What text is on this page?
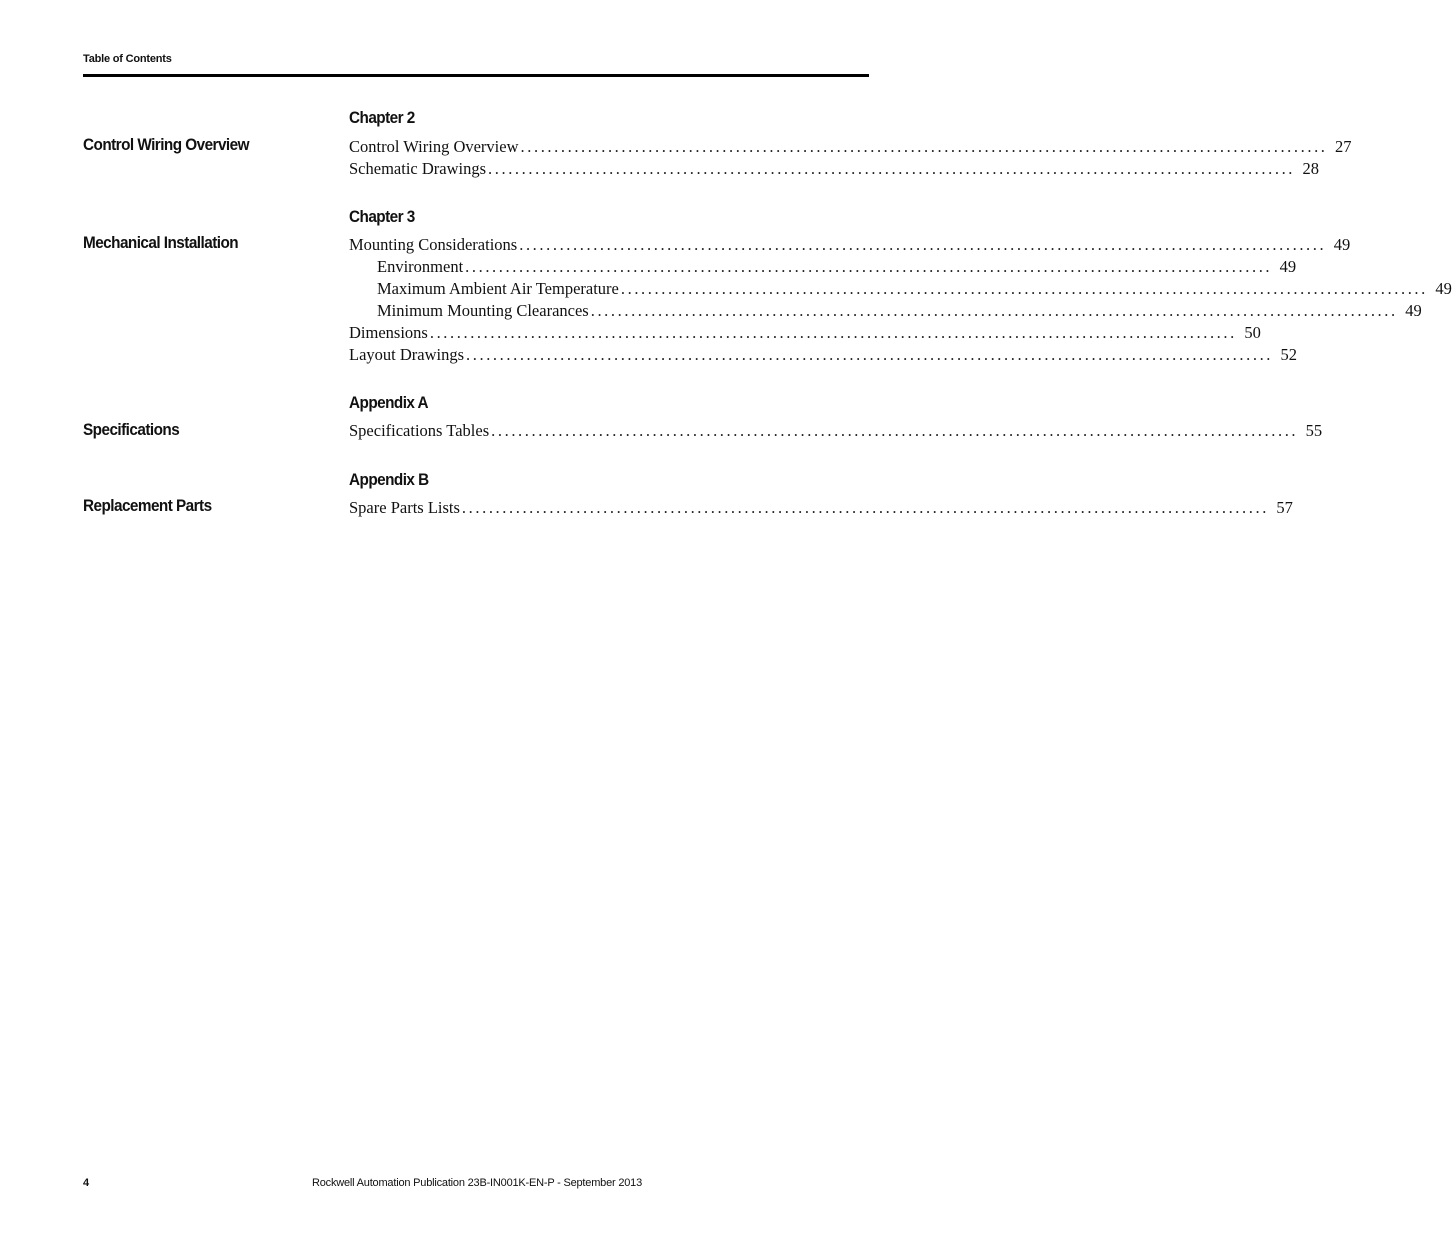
Table of Contents
Chapter 2
Control Wiring Overview	Control Wiring Overview ........................................................................................................................ 27
Schematic Drawings ........................................................................................................................ 28
Chapter 3
Mechanical Installation	Mounting Considerations ........................................................................................................................ 49
Environment ........................................................................................................................ 49
Maximum Ambient Air Temperature ........................................................................................................................ 49
Minimum Mounting Clearances ........................................................................................................................ 49
Dimensions ........................................................................................................................ 50
Layout Drawings ........................................................................................................................ 52
Appendix A
Specifications	Specifications Tables ........................................................................................................................ 55
Appendix B
Replacement Parts	Spare Parts Lists ........................................................................................................................ 57
4	Rockwell Automation Publication 23B-IN001K-EN-P - September 2013
